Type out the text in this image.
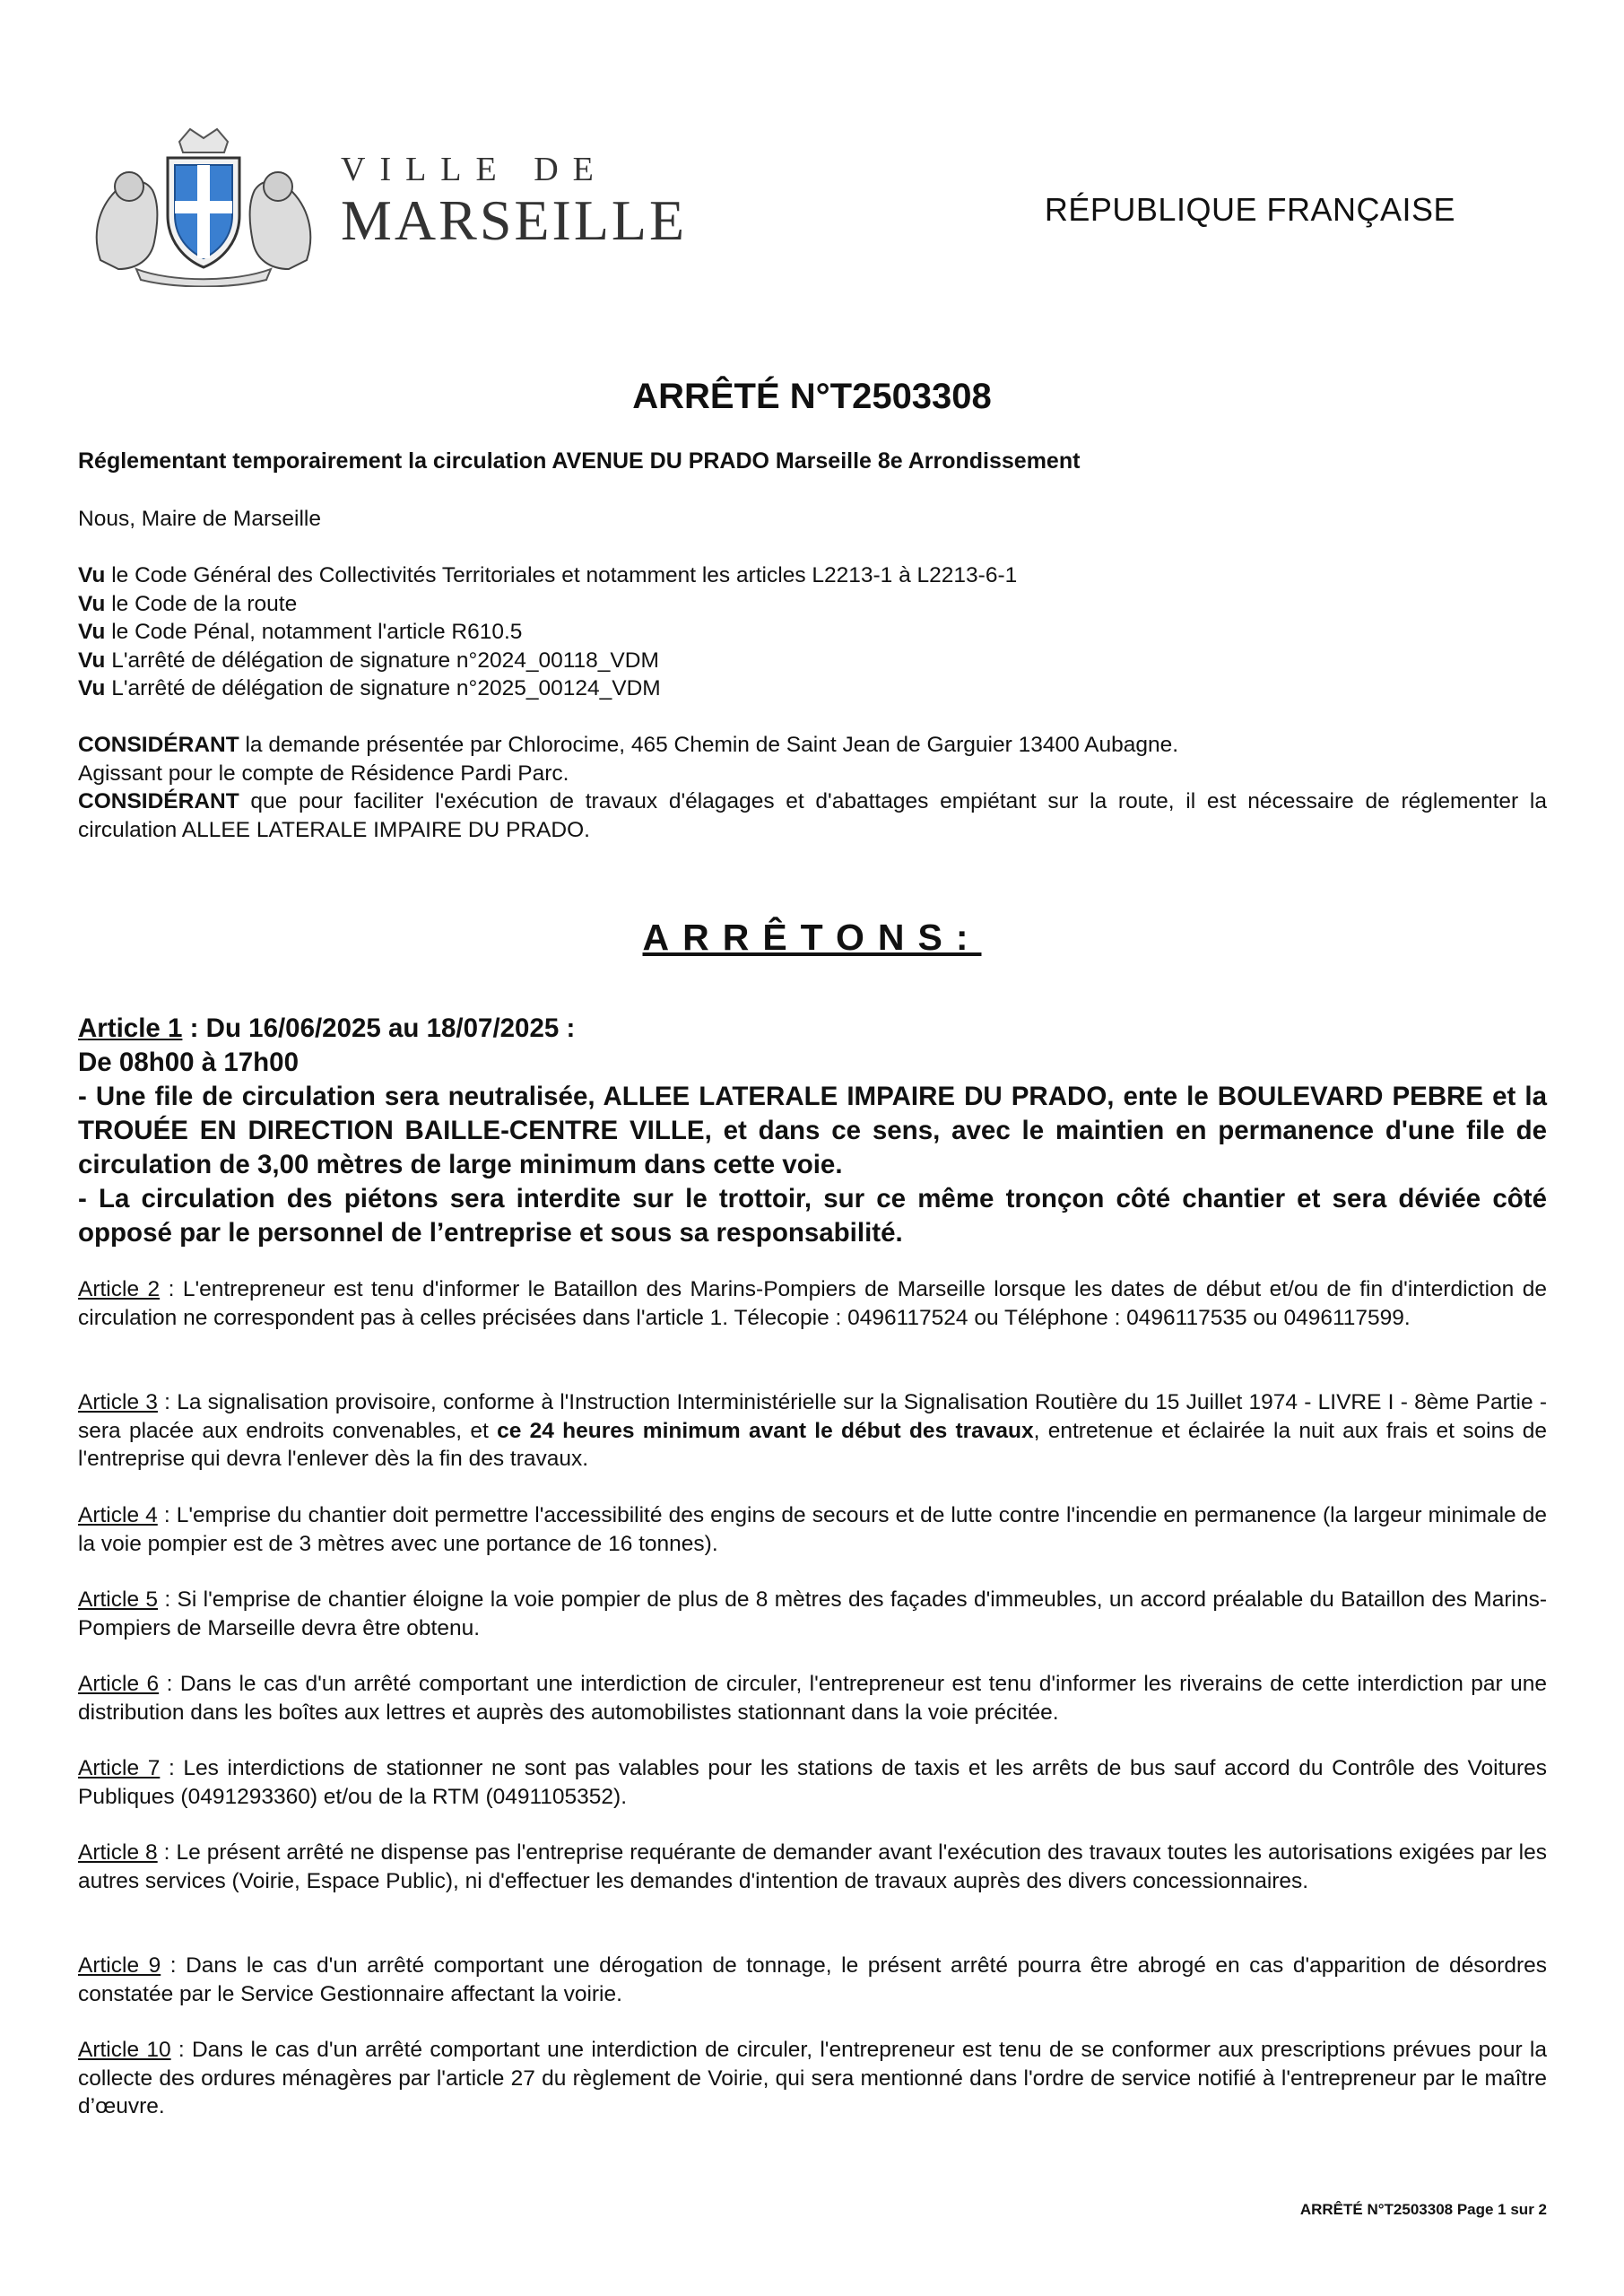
VILLE DE
MARSEILLE	RÉPUBLIQUE FRANÇAISE
ARRÊTÉ N°T2503308
Réglementant temporairement la circulation AVENUE DU PRADO Marseille 8e Arrondissement
Nous, Maire de Marseille

Vu le Code Général des Collectivités Territoriales et notamment les articles L2213-1 à L2213-6-1

Vu le Code de la route

Vu le Code Pénal, notamment l'article R610.5

Vu L'arrêté de délégation de signature n°2024_00118_VDM

Vu L'arrêté de délégation de signature n°2025_00124_VDM

CONSIDÉRANT la demande présentée par Chlorocime, 465 Chemin de Saint Jean de Garguier 13400 Aubagne.

Agissant pour le compte de Résidence Pardi Parc.

CONSIDÉRANT que pour faciliter l'exécution de travaux d'élagages et d'abattages empiétant sur la route, il est nécessaire de réglementer la circulation ALLEE LATERALE IMPAIRE DU PRADO.

ARRÊTONS:

Article 1 : Du 16/06/2025 au 18/07/2025 :

De 08h00 à 17h00

- Une file de circulation sera neutralisée, ALLEE LATERALE IMPAIRE DU PRADO, ente le BOULEVARD PEBRE et la TROUÉE EN DIRECTION BAILLE-CENTRE VILLE, et dans ce sens, avec le maintien en permanence d'une file de circulation de 3,00 mètres de large minimum dans cette voie.

- La circulation des piétons sera interdite sur le trottoir, sur ce même tronçon côté chantier et sera déviée côté opposé par le personnel de l’entreprise et sous sa responsabilité.

Article 2 : L'entrepreneur est tenu d'informer le Bataillon des Marins-Pompiers de Marseille lorsque les dates de début et/ou de fin d'interdiction de circulation ne correspondent pas à celles précisées dans l'article 1. Télecopie : 0496117524 ou Téléphone : 0496117535 ou 0496117599.
Article 3 : La signalisation provisoire, conforme à l'Instruction Interministérielle sur la Signalisation Routière du 15 Juillet 1974 - LIVRE I - 8ème Partie - sera placée aux endroits convenables, et ce 24 heures minimum avant le début des travaux, entretenue et éclairée la nuit aux frais et soins de l'entreprise qui devra l'enlever dès la fin des travaux.
Article 4 : L'emprise du chantier doit permettre l'accessibilité des engins de secours et de lutte contre l'incendie en permanence (la largeur minimale de la voie pompier est de 3 mètres avec une portance de 16 tonnes).
Article 5 : Si l'emprise de chantier éloigne la voie pompier de plus de 8 mètres des façades d'immeubles, un accord préalable du Bataillon des Marins-Pompiers de Marseille devra être obtenu.
Article 6 : Dans le cas d'un arrêté comportant une interdiction de circuler, l'entrepreneur est tenu d'informer les riverains de cette interdiction par une distribution dans les boîtes aux lettres et auprès des automobilistes stationnant dans la voie précitée.
Article 7 : Les interdictions de stationner ne sont pas valables pour les stations de taxis et les arrêts de bus sauf accord du Contrôle des Voitures Publiques (0491293360) et/ou de la RTM (0491105352).
Article 8 : Le présent arrêté ne dispense pas l'entreprise requérante de demander avant l'exécution des travaux toutes les autorisations exigées par les autres services (Voirie, Espace Public), ni d'effectuer les demandes d'intention de travaux auprès des divers concessionnaires.
Article 9 : Dans le cas d'un arrêté comportant une dérogation de tonnage, le présent arrêté pourra être abrogé en cas d'apparition de désordres constatée par le Service Gestionnaire affectant la voirie.
Article 10 : Dans le cas d'un arrêté comportant une interdiction de circuler, l'entrepreneur est tenu de se conformer aux prescriptions prévues pour la collecte des ordures ménagères par l'article 27 du règlement de Voirie, qui sera mentionné dans l'ordre de service notifié à l'entrepreneur par le maître d’œuvre.
ARRÊTÉ N°T2503308 Page 1 sur 2
